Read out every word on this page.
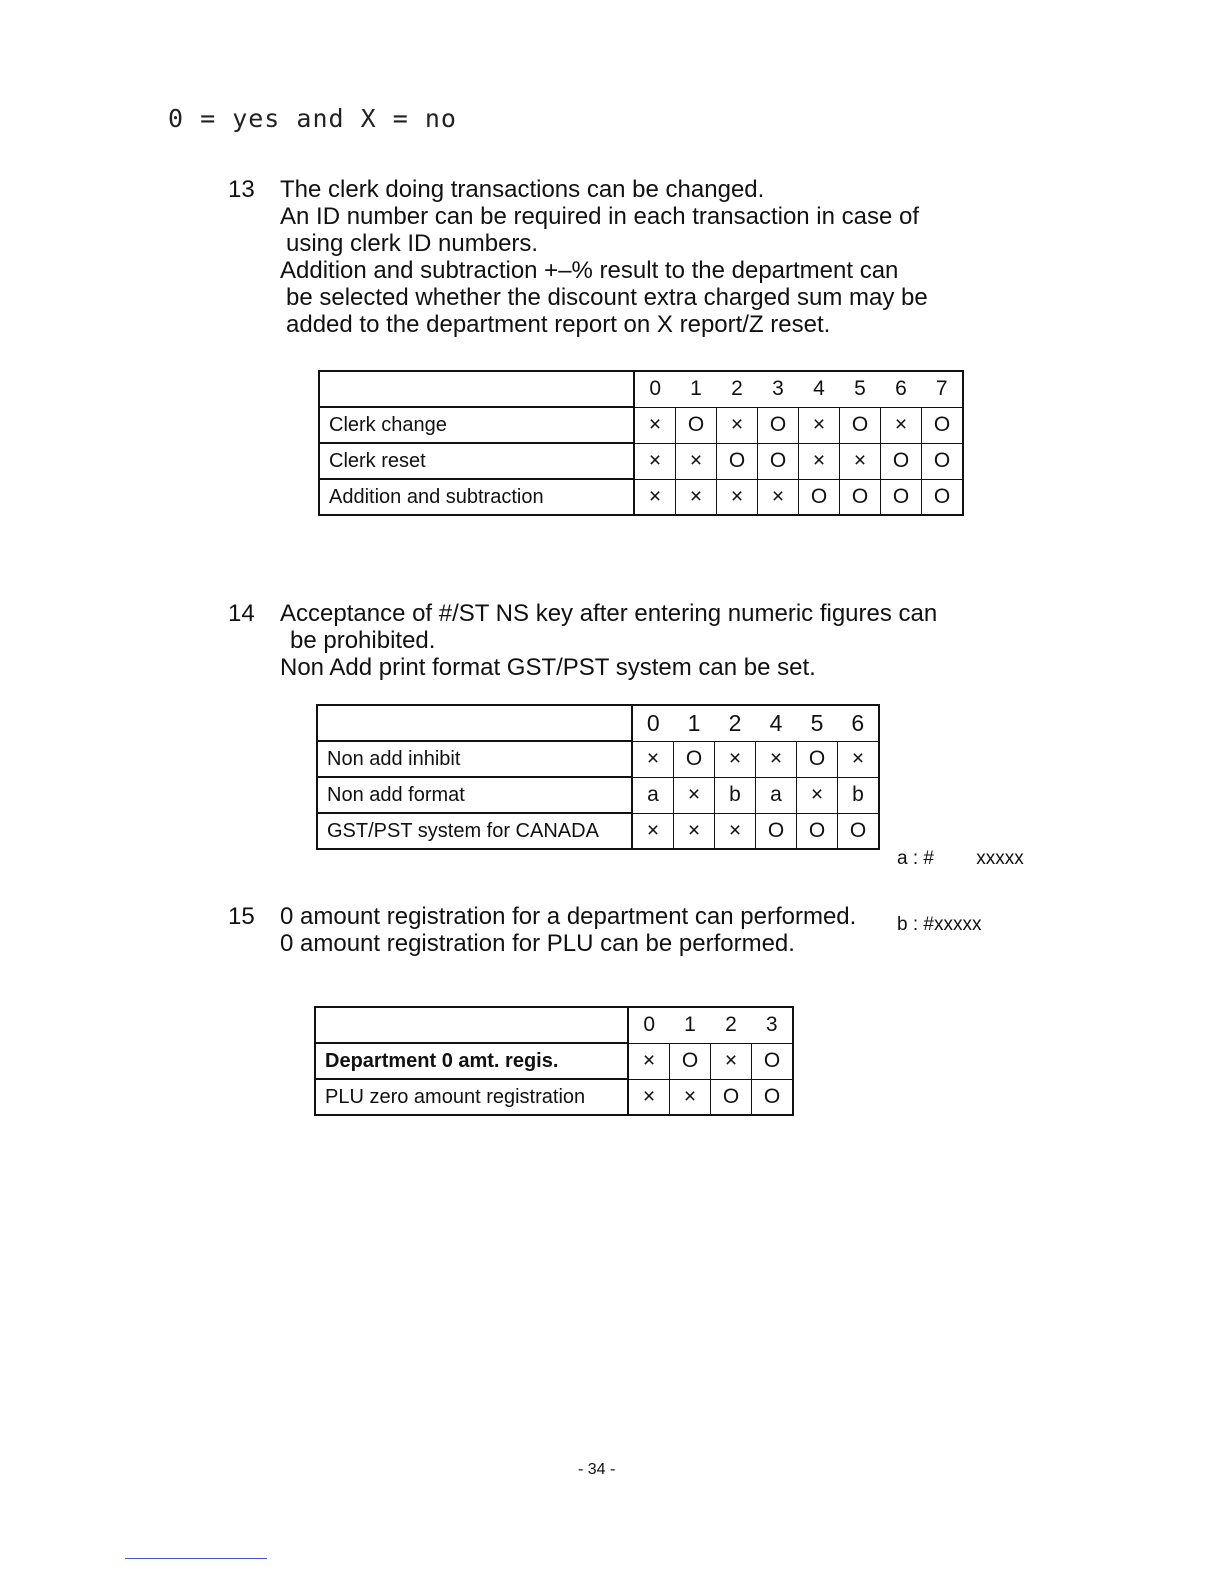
0 = yes and X = no
13 The clerk doing transactions can be changed.
An ID number can be required in each transaction in case of
using clerk ID numbers.
Addition and subtraction +–% result to the department can
be selected whether the discount extra charged sum may be
added to the department report on X report/Z reset.
	0	1	2	3	4	5	6	7
Clerk change	×	O	×	O	×	O	×	O
Clerk reset	×	×	O	O	×	×	O	O
Addition and subtraction	×	×	×	×	O	O	O	O
14 Acceptance of #/ST NS key after entering numeric figures can
be prohibited.
Non Add print format GST/PST system can be set.
	0	1	2	4	5	6
Non add inhibit	×	O	×	×	O	×
Non add format	a	×	b	a	×	b
GST/PST system for CANADA	×	×	×	O	O	O

a : #        xxxxx

b : #xxxxx

15 0 amount registration for a department can performed.
0 amount registration for PLU can be performed.
	0	1	2	3
Department 0 amt. regis.	×	O	×	O
PLU zero amount registration	×	×	O	O
- 34 -
